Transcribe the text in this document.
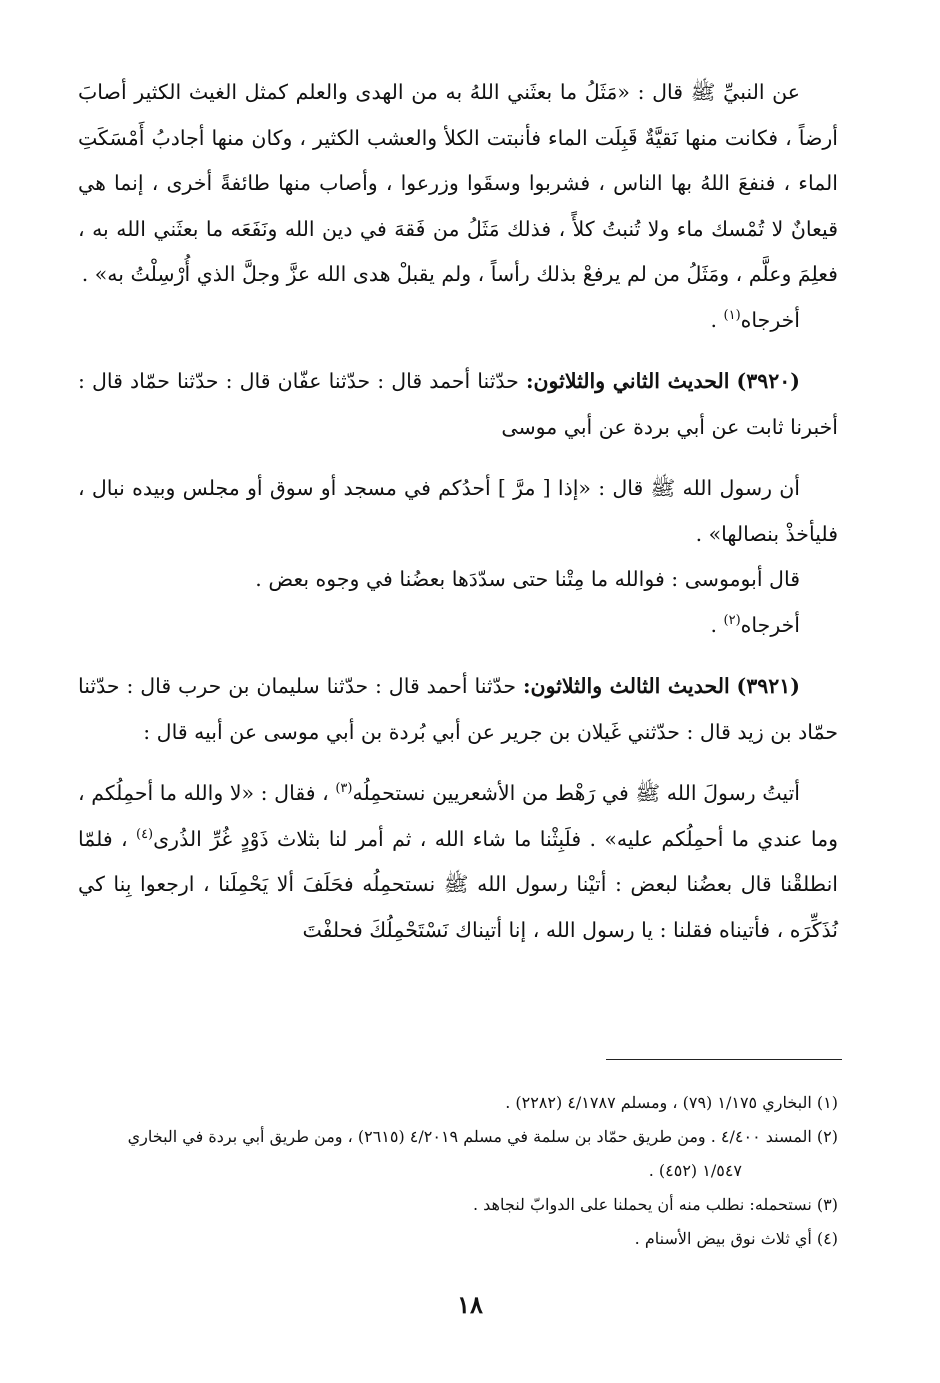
عن النبيِّ ﷺ قال : «مَثَلُ ما بعثَني اللهُ به من الهدى والعلم كمثل الغيث الكثير أصابَ أرضاً ، فكانت منها نَقيَّةٌ قَبِلَت الماء فأنبتت الكلأ والعشب الكثير ، وكان منها أجادبُ أَمْسَكَتِ الماء ، فنفعَ اللهُ بها الناس ، فشربوا وسقَوا وزرعوا ، وأصاب منها طائفةً أخرى ، إنما هي قيعانٌ لا تُمْسك ماء ولا تُنبتُ كلأً ، فذلك مَثَلُ من فَقهَ في دين الله ونَفَعَه ما بعثَني الله به ، فعلِمَ وعلَّم ، ومَثَلُ من لم يرفعْ بذلك رأساً ، ولم يقبلْ هدى الله عزَّ وجلَّ الذي أُرْسِلْتُ به» .

أخرجاه$^{(١)}$ .

(٣٩٢٠) الحديث الثاني والثلاثون: حدّثنا أحمد قال : حدّثنا عفّان قال : حدّثنا حمّاد قال : أخبرنا ثابت عن أبي بردة عن أبي موسى

أن رسول الله ﷺ قال : «إذا [ مرَّ ] أحدُكم في مسجد أو سوق أو مجلس وبيده نبال ، فليأخذْ بنصالها» .

قال أبوموسى : فوالله ما مِتْنا حتى سدّدَها بعضُنا في وجوه بعض .

أخرجاه$^{(٢)}$ .

(٣٩٢١) الحديث الثالث والثلاثون: حدّثنا أحمد قال : حدّثنا سليمان بن حرب قال : حدّثنا حمّاد بن زيد قال : حدّثني غَيلان بن جرير عن أبي بُردة بن أبي موسى عن أبيه قال :

أتيتُ رسولَ الله ﷺ في رَهْط من الأشعريين نستحمِلُه$^{(٣)}$ ، فقال : «لا والله ما أحمِلُكم ، وما عندي ما أحمِلُكم عليه» . فلَبِثْنا ما شاء الله ، ثم أمر لنا بثلاث ذَوْدٍ غُرِّ الذُرى$^{(٤)}$ ، فلمّا انطلقْنا قال بعضُنا لبعض : أتيْنا رسول الله ﷺ نستحمِلُه فحَلَفَ ألا يَحْمِلَنا ، ارجعوا بِنا كي نُذَكِّرَه ، فأتيناه فقلنا : يا رسول الله ، إنا أتيناك نَسْتَحْمِلُكَ فحلفْتَ

(١) البخاري ١/١٧٥ (٧٩) ، ومسلم ٤/١٧٨٧ (٢٢٨٢) .

(٢) المسند ٤/٤٠٠ . ومن طريق حمّاد بن سلمة في مسلم ٤/٢٠١٩ (٢٦١٥) ، ومن طريق أبي بردة في البخاري

١/٥٤٧ (٤٥٢) .

(٣) نستحمله: نطلب منه أن يحملنا على الدوابّ لنجاهد .

(٤) أي ثلاث نوق بيض الأسنام .

١٨
